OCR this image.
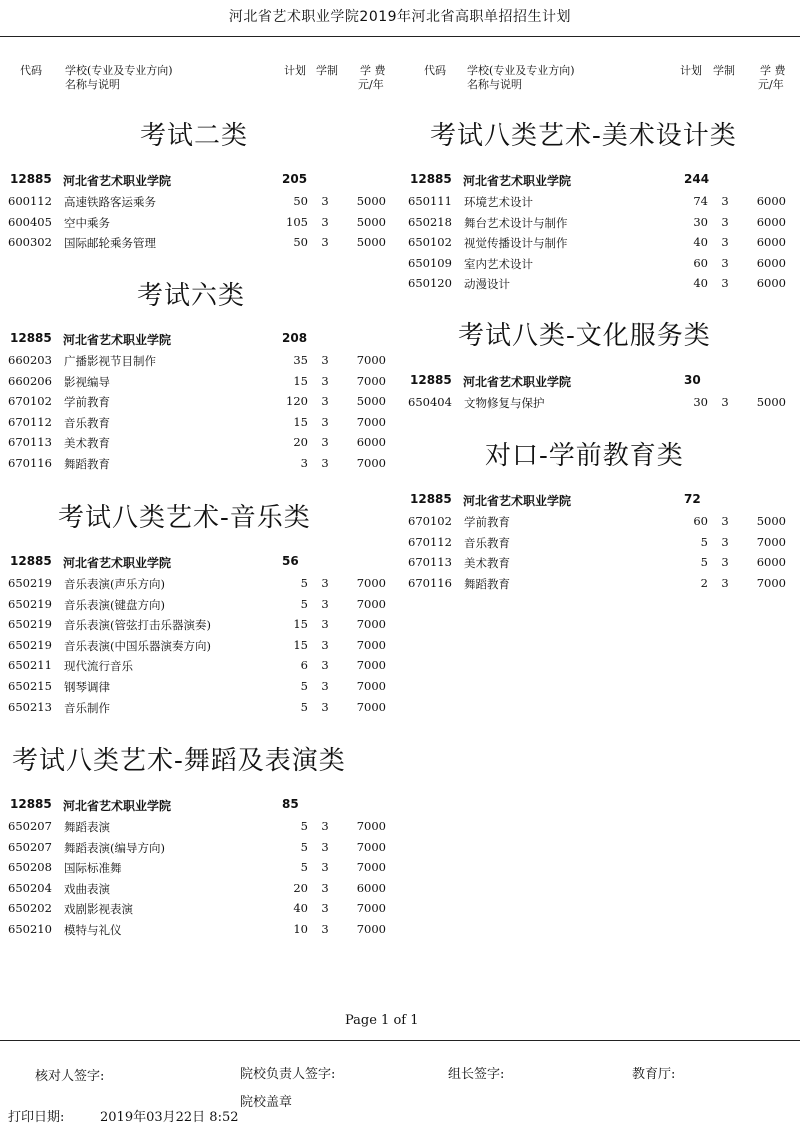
河北省艺术职业学院2019年河北省高职单招招生计划
代码 学校(专业及专业方向)
名称与说明
计划 学制 学 费
元/年
代码 学校(专业及专业方向)
名称与说明
计划 学制 学 费
元/年
考试二类
12885 河北省艺术职业学院	205
600112 高速铁路客运乘务	50 3	5000
600405 空中乘务	105 3	5000
600302 国际邮轮乘务管理	50 3	5000
考试六类
12885 河北省艺术职业学院	208
660203 广播影视节目制作	35 3	7000
660206 影视编导	15 3	7000
670102 学前教育	120 3	5000
670112 音乐教育	15 3	7000
670113 美术教育	20 3	6000
670116 舞蹈教育	3 3	7000
考试八类艺术-音乐类
12885 河北省艺术职业学院	56
650219 音乐表演(声乐方向)	5 3	7000
650219 音乐表演(键盘方向)	5 3	7000
650219 音乐表演(管弦打击乐器演奏)	15 3	7000
650219 音乐表演(中国乐器演奏方向)	15 3	7000
650211 现代流行音乐	6 3	7000
650215 钢琴调律	5 3	7000
650213 音乐制作	5 3	7000
考试八类艺术-舞蹈及表演类
12885 河北省艺术职业学院	85
650207 舞蹈表演	5 3	7000
650207 舞蹈表演(编导方向)	5 3	7000
650208 国际标准舞	5 3	7000
650204 戏曲表演	20 3	6000
650202 戏剧影视表演	40 3	7000
650210 模特与礼仪	10 3	7000
考试八类艺术-美术设计类
12885 河北省艺术职业学院	244
650111 环境艺术设计	74 3	6000
650218 舞台艺术设计与制作	30 3	6000
650102 视觉传播设计与制作	40 3	6000
650109 室内艺术设计	60 3	6000
650120 动漫设计	40 3	6000
考试八类-文化服务类
12885 河北省艺术职业学院	30
650404 文物修复与保护	30 3	5000
对口-学前教育类
12885 河北省艺术职业学院	72
670102 学前教育	60 3	5000
670112 音乐教育	5 3	7000
670113 美术教育	5 3	6000
670116 舞蹈教育	2 3	7000
Page 1 of 1
核对人签字:	院校负责人签字:	组长签字:	教育厅:
院校盖章
打印日期:	2019年03月22日 8:52
